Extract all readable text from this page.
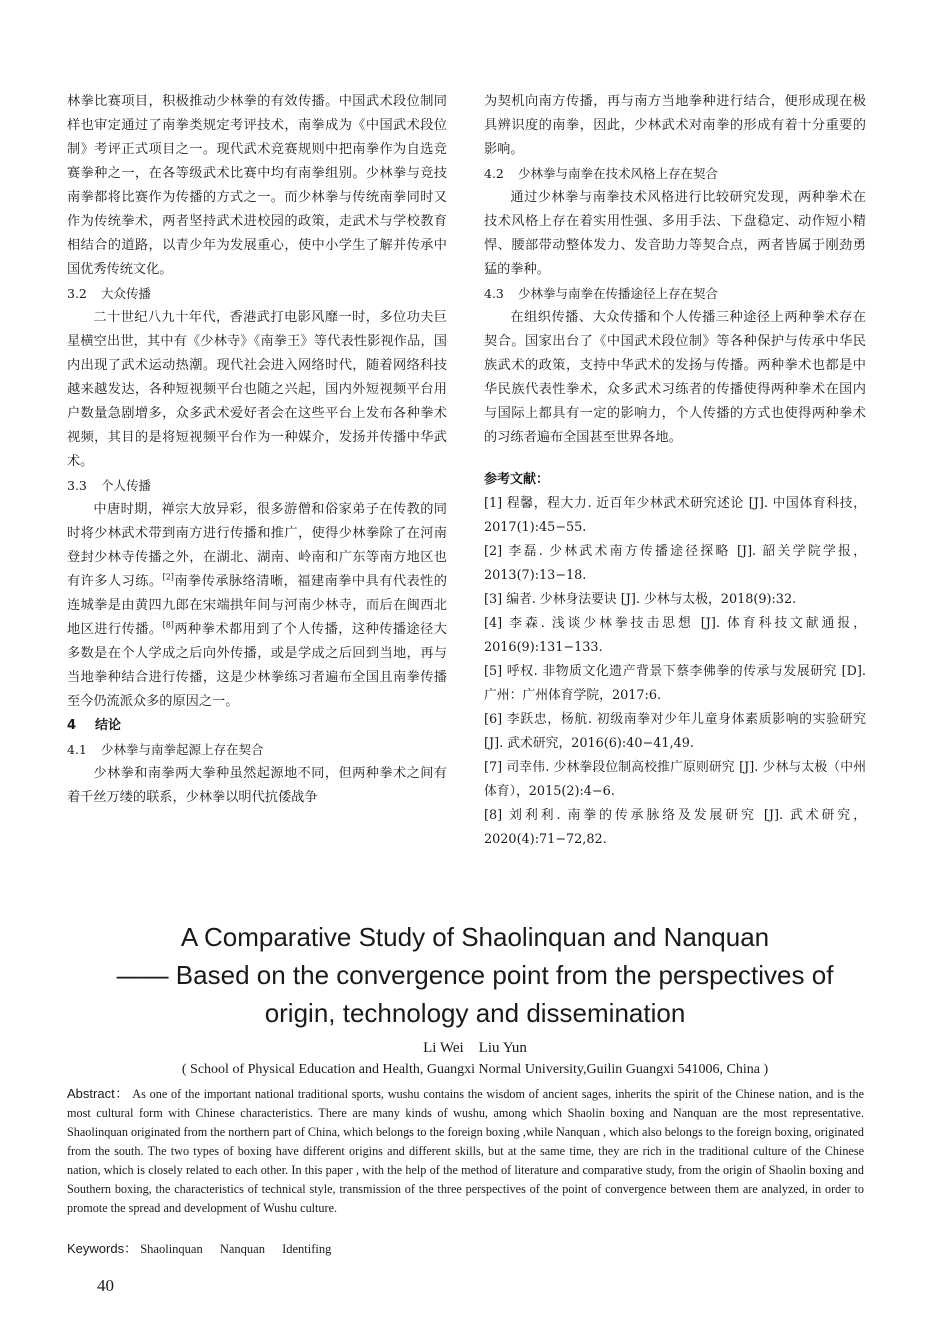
林拳比赛项目，积极推动少林拳的有效传播。中国武术段位制同样也审定通过了南拳类规定考评技术，南拳成为《中国武术段位制》考评正式项目之一。现代武术竞赛规则中把南拳作为自选竞赛拳种之一，在各等级武术比赛中均有南拳组别。少林拳与竞技南拳都将比赛作为传播的方式之一。而少林拳与传统南拳同时又作为传统拳术，两者坚持武术进校园的政策，走武术与学校教育相结合的道路，以青少年为发展重心，使中小学生了解并传承中国优秀传统文化。

3.2 大众传播

二十世纪八九十年代，香港武打电影风靡一时，多位功夫巨星横空出世，其中有《少林寺》《南拳王》等代表性影视作品，国内出现了武术运动热潮。现代社会进入网络时代，随着网络科技越来越发达，各种短视频平台也随之兴起，国内外短视频平台用户数量急剧增多，众多武术爱好者会在这些平台上发布各种拳术视频，其目的是将短视频平台作为一种媒介，发扬并传播中华武术。

3.3 个人传播

中唐时期，禅宗大放异彩，很多游僧和俗家弟子在传教的同时将少林武术带到南方进行传播和推广，使得少林拳除了在河南登封少林寺传播之外，在湖北、湖南、岭南和广东等南方地区也有许多人习练。[2]南拳传承脉络清晰，福建南拳中具有代表性的连城拳是由黄四九郎在宋端拱年间与河南少林寺，而后在闽西北地区进行传播。[8]两种拳术都用到了个人传播，这种传播途径大多数是在个人学成之后向外传播，或是学成之后回到当地，再与当地拳种结合进行传播，这是少林拳练习者遍布全国且南拳传播至今仍流派众多的原因之一。

4 结论

4.1 少林拳与南拳起源上存在契合

少林拳和南拳两大拳种虽然起源地不同，但两种拳术之间有着千丝万缕的联系，少林拳以明代抗倭战争

为契机向南方传播，再与南方当地拳种进行结合，便形成现在极具辨识度的南拳，因此，少林武术对南拳的形成有着十分重要的影响。

4.2 少林拳与南拳在技术风格上存在契合

通过少林拳与南拳技术风格进行比较研究发现，两种拳术在技术风格上存在着实用性强、多用手法、下盘稳定、动作短小精悍、腰部带动整体发力、发音助力等契合点，两者皆属于刚劲勇猛的拳种。

4.3 少林拳与南拳在传播途径上存在契合

在组织传播、大众传播和个人传播三种途径上两种拳术存在契合。国家出台了《中国武术段位制》等各种保护与传承中华民族武术的政策，支持中华武术的发扬与传播。两种拳术也都是中华民族代表性拳术，众多武术习练者的传播使得两种拳术在国内与国际上都具有一定的影响力，个人传播的方式也使得两种拳术的习练者遍布全国甚至世界各地。

参考文献：

[1] 程馨，程大力. 近百年少林武术研究述论 [J]. 中国体育科技，2017(1):45−55.

[2] 李磊. 少林武术南方传播途径探略 [J]. 韶关学院学报，2013(7):13−18.

[3] 编者. 少林身法要诀 [J]. 少林与太极，2018(9):32.

[4] 李森. 浅谈少林拳技击思想 [J]. 体育科技文献通报，2016(9):131−133.

[5] 呼权. 非物质文化遗产背景下蔡李佛拳的传承与发展研究 [D]. 广州：广州体育学院，2017:6.

[6] 李跃忠，杨航. 初级南拳对少年儿童身体素质影响的实验研究 [J]. 武术研究，2016(6):40−41,49.

[7] 司幸伟. 少林拳段位制高校推广原则研究 [J]. 少林与太极（中州体育），2015(2):4−6.

[8] 刘利利. 南拳的传承脉络及发展研究 [J]. 武术研究，2020(4):71−72,82.

A Comparative Study of Shaolinquan and Nanquan
—— Based on the convergence point from the perspectives of
origin, technology and dissemination
Li Wei    Liu Yun
( School of Physical Education and Health, Guangxi Normal University,Guilin Guangxi 541006, China )
Abstract： As one of the important national traditional sports, wushu contains the wisdom of ancient sages, inherits the spirit of the Chinese nation, and is the most cultural form with Chinese characteristics. There are many kinds of wushu, among which Shaolin boxing and Nanquan are the most representative. Shaolinquan originated from the northern part of China, which belongs to the foreign boxing ,while Nanquan , which also belongs to the foreign boxing, originated from the south. The two types of boxing have different origins and different skills, but at the same time, they are rich in the traditional culture of the Chinese nation, which is closely related to each other. In this paper , with the help of the method of literature and comparative study, from the origin of Shaolin boxing and Southern boxing, the characteristics of technical style, transmission of the three perspectives of the point of convergence between them are analyzed, in order to promote the spread and development of Wushu culture.
Keywords： Shaolinquan Nanquan Identifing
40
